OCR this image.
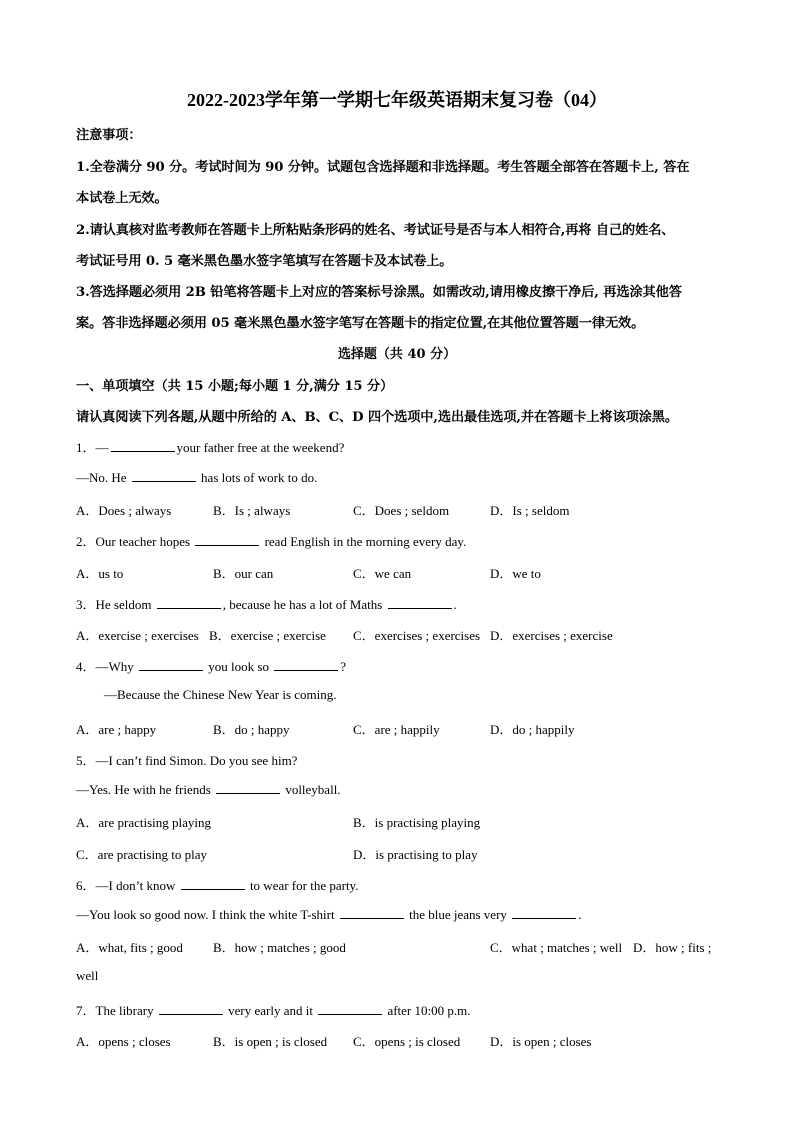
2022-2023学年第一学期七年级英语期末复习卷（04）
注意事项：
1.全卷满分 90 分。考试时间为 90 分钟。试题包含选择题和非选择题。考生答题全部答在答题卡上, 答在
本试卷上无效。
2.请认真核对监考教师在答题卡上所粘贴条形码的姓名、考试证号是否与本人相符合,再将 自己的姓名、
考试证号用 0. 5 毫米黑色墨水签字笔填写在答题卡及本试卷上。
3.答选择题必须用 2B 铅笔将答题卡上对应的答案标号涂黑。如需改动,请用橡皮擦干净后, 再选涂其他答
案。答非选择题必须用 05 毫米黑色墨水签字笔写在答题卡的指定位置,在其他位置答题一律无效。
选择题（共 40 分）
一、单项填空（共 15 小题;每小题 1 分,满分 15 分）
请认真阅读下列各题,从题中所给的 A、B、C、D 四个选项中,选出最佳选项,并在答题卡上将该项涂黑。
1．—	your father free at the weekend?
—No. He	has lots of work to do.
A．Does ; always	B．Is ; always	C．Does ; seldom	D．Is ; seldom
2．Our teacher hopes	read English in the morning every day.
A．us to	B．our can	C．we can	D．we to
3．He seldom	, because he has a lot of Maths	.
A．exercise ; exercises B．exercise ; exercise C．exercises ; exercises D．exercises ; exercise
4．—Why	you look so	?
—Because the Chinese New Year is coming.
A．are ; happy	B．do ; happy	C．are ; happily	D．do ; happily
5．—I can’t find Simon. Do you see him?
—Yes. He with he friends	volleyball.
A．are practising playing	B．is practising playing
C．are practising to play	D．is practising to play
6．—I don’t know	to wear for the party.
—You look so good now. I think the white T-shirt	the blue jeans very	.
A．what, fits ; good B．how ; matches ; good	C．what ; matches ; well D．how ; fits ;
well
7．The library	very early and it	after 10:00 p.m.
A．opens ; closes	B．is open ; is closed C．opens ; is closed D．is open ; closes
